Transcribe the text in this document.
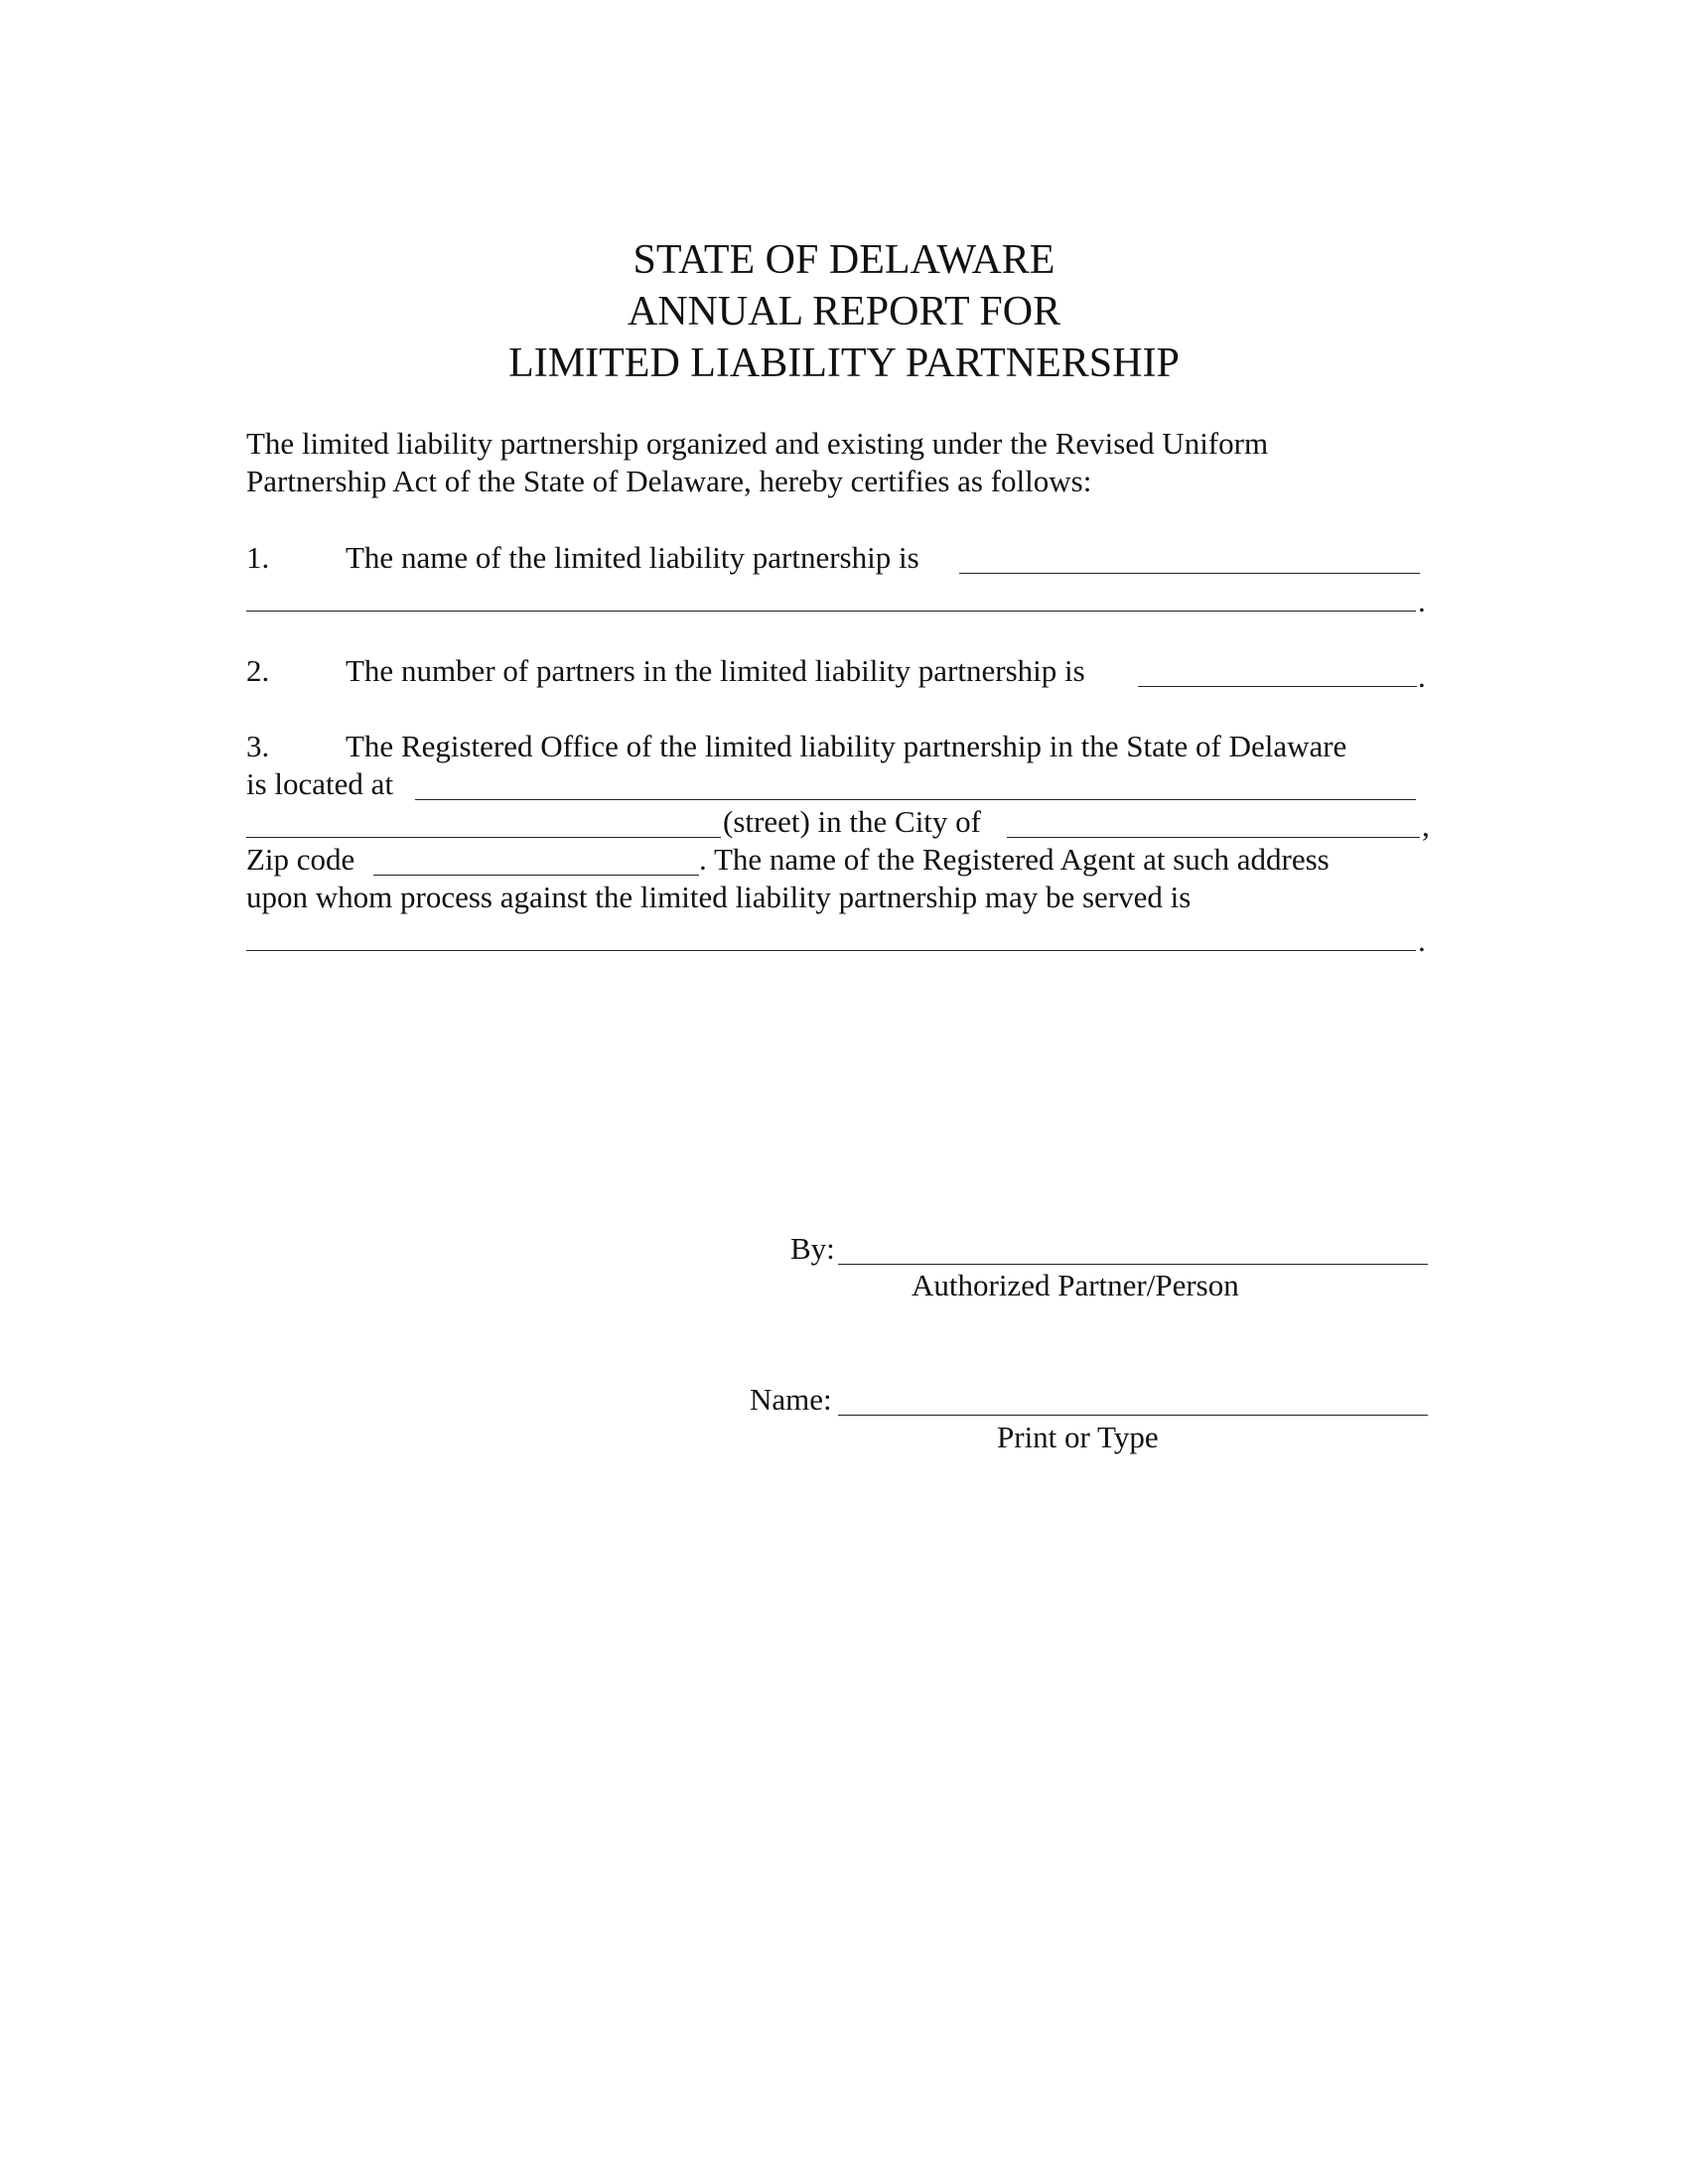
STATE OF DELAWARE
ANNUAL REPORT FOR
LIMITED LIABILITY PARTNERSHIP
The limited liability partnership organized and existing under the Revised Uniform
Partnership Act of the State of Delaware, hereby certifies as follows:
1. The name of the limited liability partnership is
.
2. The number of partners in the limited liability partnership is	.
3. The Registered Office of the limited liability partnership in the State of Delaware
is located at
(street) in the City of	,
Zip code	. The name of the Registered Agent at such address
upon whom process against the limited liability partnership may be served is
.
By:
Authorized Partner/Person
Name:
Print or Type
